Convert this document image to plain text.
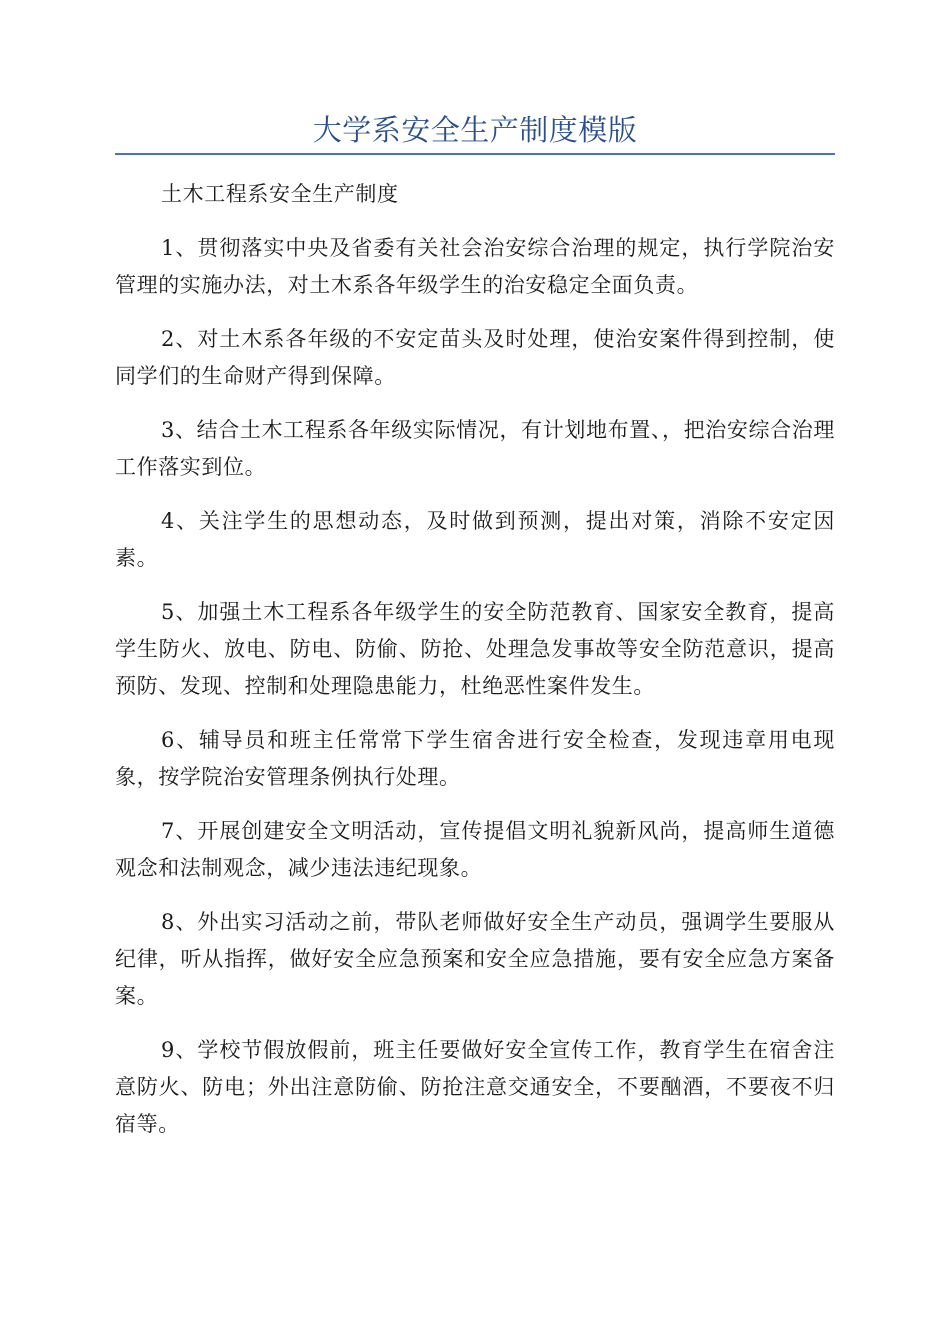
大学系安全生产制度模版

土木工程系安全生产制度

1、贯彻落实中央及省委有关社会治安综合治理的规定，执行学院治安管理的实施办法，对土木系各年级学生的治安稳定全面负责。

2、对土木系各年级的不安定苗头及时处理，使治安案件得到控制，使同学们的生命财产得到保障。

3、结合土木工程系各年级实际情况，有计划地布置、，把治安综合治理工作落实到位。

4、关注学生的思想动态，及时做到预测，提出对策，消除不安定因素。

5、加强土木工程系各年级学生的安全防范教育、国家安全教育，提高学生防火、放电、防电、防偷、防抢、处理急发事故等安全防范意识，提高预防、发现、控制和处理隐患能力，杜绝恶性案件发生。

6、辅导员和班主任常常下学生宿舍进行安全检查，发现违章用电现象，按学院治安管理条例执行处理。

7、开展创建安全文明活动，宣传提倡文明礼貌新风尚，提高师生道德观念和法制观念，减少违法违纪现象。

8、外出实习活动之前，带队老师做好安全生产动员，强调学生要服从纪律，听从指挥，做好安全应急预案和安全应急措施，要有安全应急方案备案。

9、学校节假放假前，班主任要做好安全宣传工作，教育学生在宿舍注意防火、防电；外出注意防偷、防抢注意交通安全，不要酗酒，不要夜不归宿等。
